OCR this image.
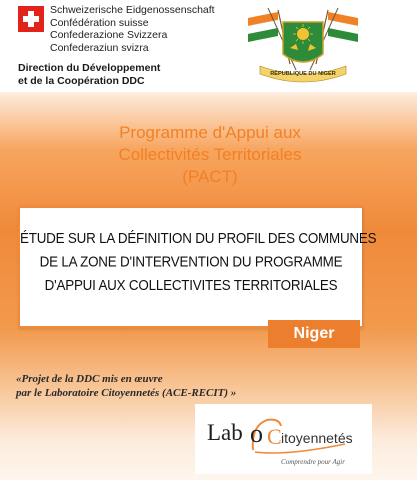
Schweizerische Eidgenossenschaft
Confédération suisse
Confederazione Svizzera
Confederaziun svizra
Direction du Développement
et de la Coopération DDC
RÉPUBLIQUE DU NIGER
Programme d'Appui aux
Collectivités Territoriales
(PACT)
ÉTUDE SUR LA DÉFINITION DU PROFIL DES COMMUNES
DE LA ZONE D'INTERVENTION DU PROGRAMME
D'APPUI AUX COLLECTIVITES TERRITORIALES
Niger
«Projet de la DDC mis en œuvre
par le Laboratoire Citoyennetés (ACE-RECIT) »
Lab o C itoyennetés
Comprendre pour Agir
